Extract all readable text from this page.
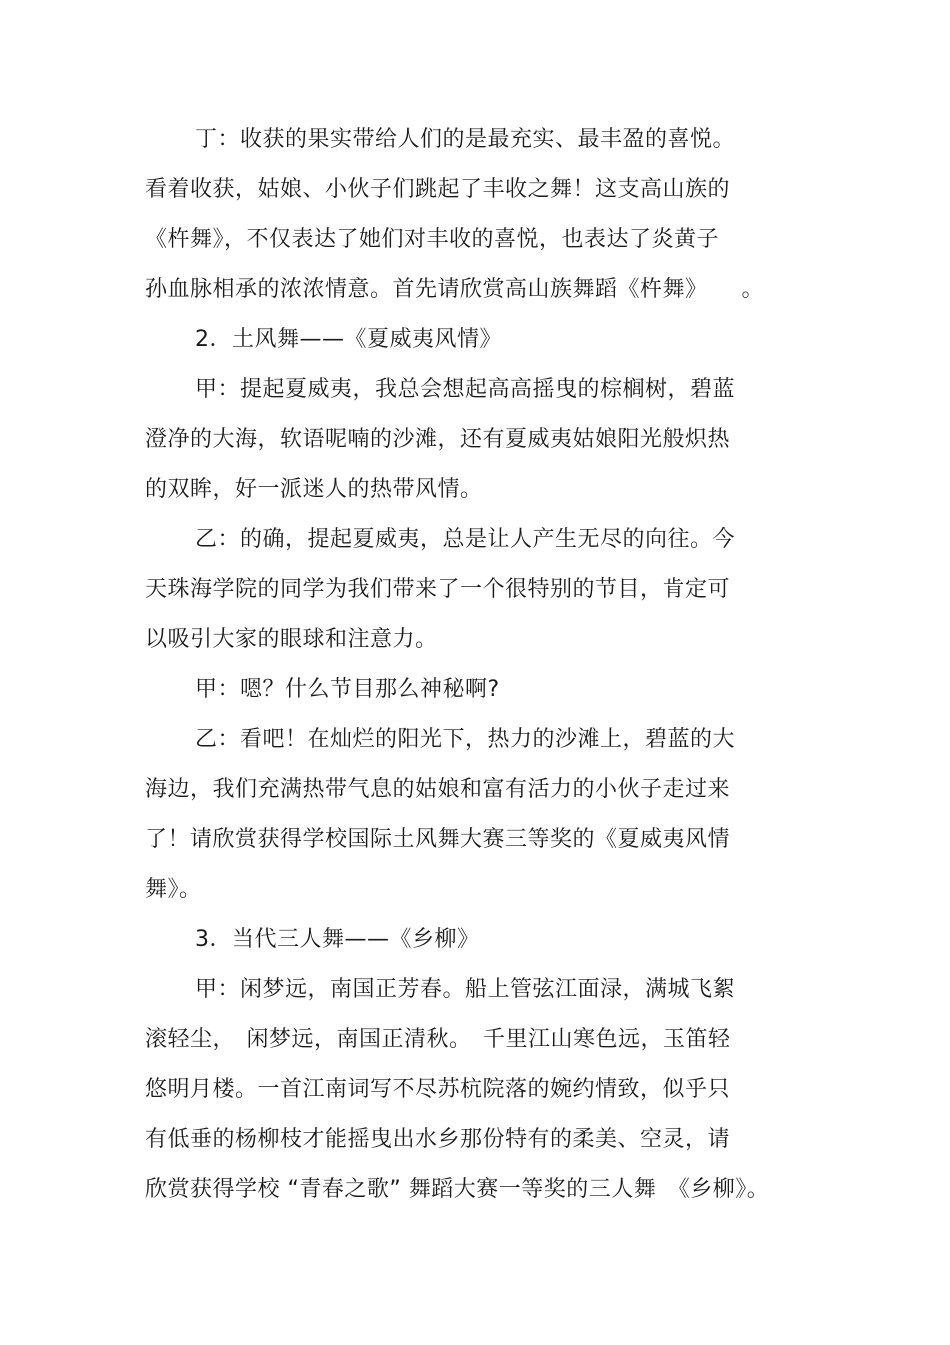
丁：收获的果实带给人们的是最充实、最丰盈的喜悦。
看着收获，姑娘、小伙子们跳起了丰收之舞！这支高山族的
《杵舞》，不仅表达了她们对丰收的喜悦，也表达了炎黄子
孙血脉相承的浓浓情意。首先请欣赏高山族舞蹈《杵舞》　　。
2．土风舞——《夏威夷风情》
甲：提起夏威夷，我总会想起高高摇曳的棕榈树，碧蓝
澄净的大海，软语呢喃的沙滩，还有夏威夷姑娘阳光般炽热
的双眸，好一派迷人的热带风情。
乙：的确，提起夏威夷，总是让人产生无尽的向往。今
天珠海学院的同学为我们带来了一个很特别的节目，肯定可
以吸引大家的眼球和注意力。
甲：嗯？什么节目那么神秘啊?
乙：看吧！在灿烂的阳光下，热力的沙滩上，碧蓝的大
海边，我们充满热带气息的姑娘和富有活力的小伙子走过来
了！请欣赏获得学校国际土风舞大赛三等奖的《夏威夷风情
舞》。
3．当代三人舞——《乡柳》
甲：闲梦远，南国正芳春。船上管弦江面渌，满城飞絮
滚轻尘，　闲梦远，南国正清秋。　千里江山寒色远，玉笛轻
悠明月楼。一首江南词写不尽苏杭院落的婉约情致，似乎只
有低垂的杨柳枝才能摇曳出水乡那份特有的柔美、空灵，请
欣赏获得学校 “青春之歌” 舞蹈大赛一等奖的三人舞　《乡柳》。
